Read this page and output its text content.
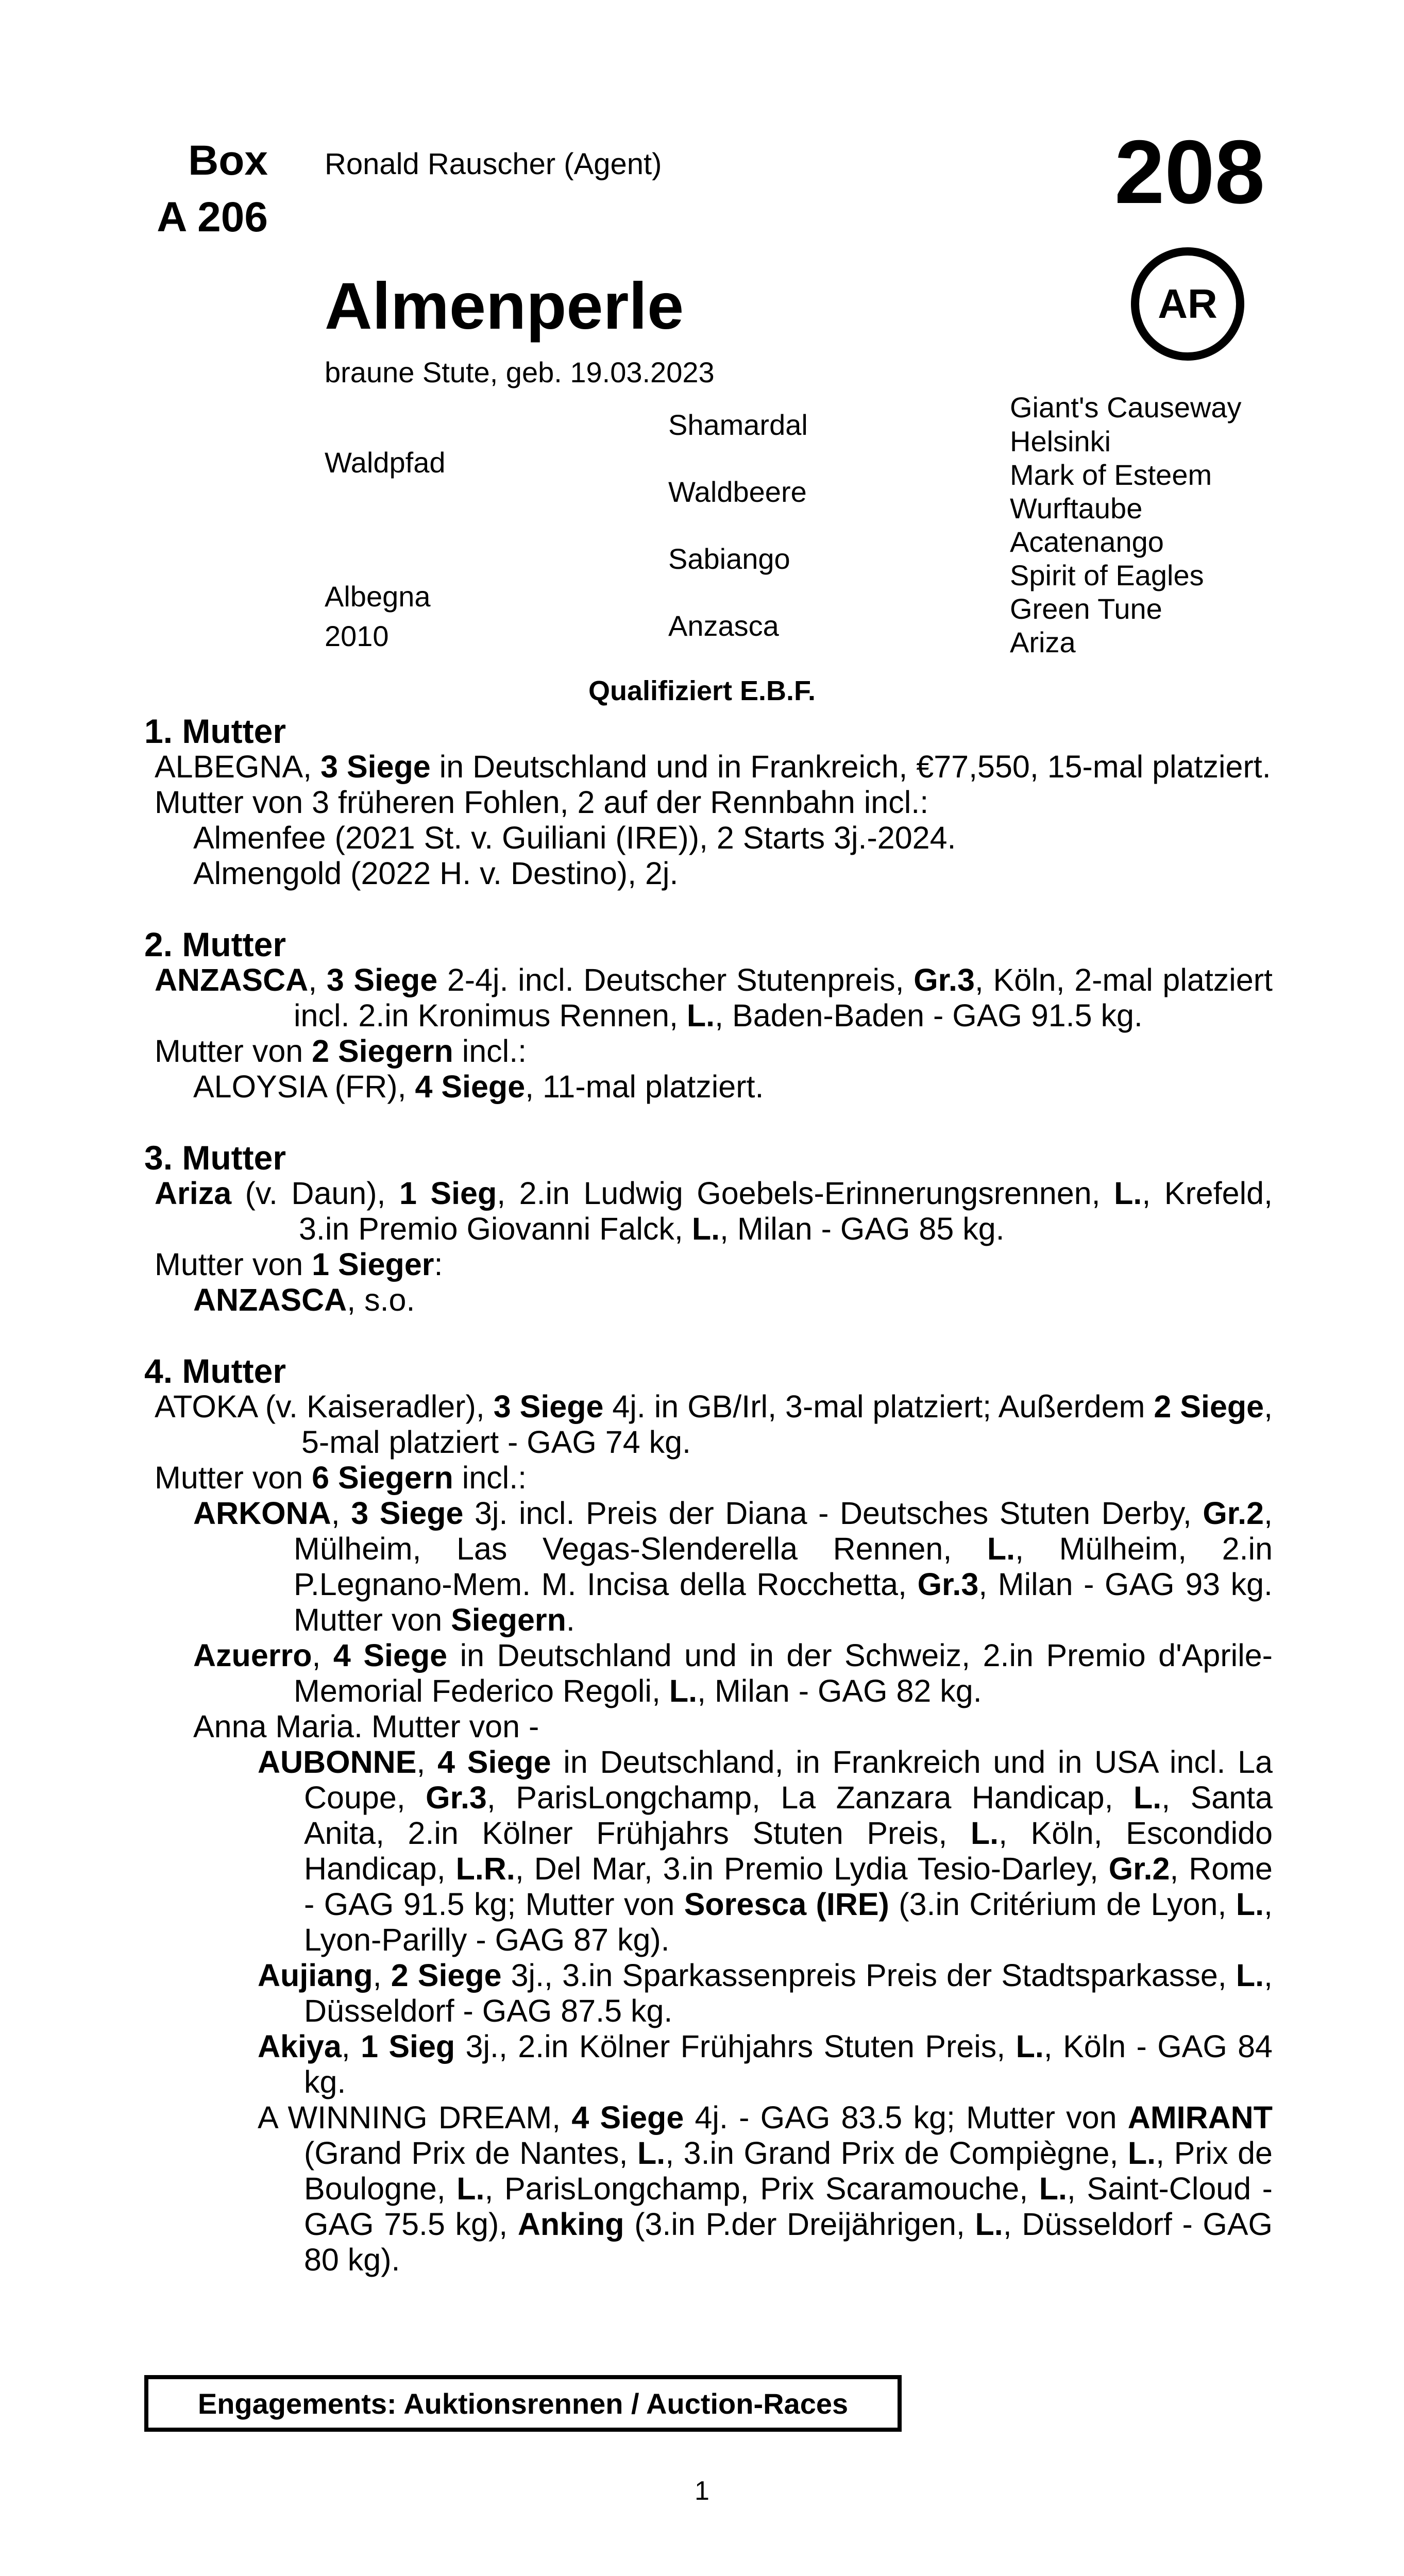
Box
A 206
Ronald Rauscher (Agent)	208
AR
Almenperle
braune Stute, geb. 19.03.2023
Waldpfad
Albegna
2010
Shamardal
Waldbeere
Sabiango
Anzasca
Giant's Causeway
Helsinki
Mark of Esteem
Wurftaube
Acatenango
Spirit of Eagles
Green Tune
Ariza
Qualifiziert E.B.F.
1. Mutter
ALBEGNA, 3 Siege in Deutschland und in Frankreich, €77,550, 15-mal platziert.
Mutter von 3 früheren Fohlen, 2 auf der Rennbahn incl.:
Almenfee (2021 St. v. Guiliani (IRE)), 2 Starts 3j.-2024.
Almengold (2022 H. v. Destino), 2j.
2. Mutter
ANZASCA, 3 Siege 2-4j. incl. Deutscher Stutenpreis, Gr.3, Köln, 2-mal platziert incl. 2.in Kronimus Rennen, L., Baden-Baden - GAG 91.5 kg.
Mutter von 2 Siegern incl.:
ALOYSIA (FR), 4 Siege, 11-mal platziert.
3. Mutter
Ariza (v. Daun), 1 Sieg, 2.in Ludwig Goebels-Erinnerungsrennen, L., Krefeld, 3.in Premio Giovanni Falck, L., Milan - GAG 85 kg.
Mutter von 1 Sieger:
ANZASCA, s.o.
4. Mutter
ATOKA (v. Kaiseradler), 3 Siege 4j. in GB/Irl, 3-mal platziert; Außerdem 2 Siege, 5-mal platziert - GAG 74 kg.
Mutter von 6 Siegern incl.:
ARKONA, 3 Siege 3j. incl. Preis der Diana - Deutsches Stuten Derby, Gr.2, Mülheim, Las Vegas-Slenderella Rennen, L., Mülheim, 2.in P.Legnano-Mem. M. Incisa della Rocchetta, Gr.3, Milan - GAG 93 kg. Mutter von Siegern.
Azuerro, 4 Siege in Deutschland und in der Schweiz, 2.in Premio d'Aprile-Memorial Federico Regoli, L., Milan - GAG 82 kg.
Anna Maria. Mutter von -
AUBONNE, 4 Siege in Deutschland, in Frankreich und in USA incl. La Coupe, Gr.3, ParisLongchamp, La Zanzara Handicap, L., Santa Anita, 2.in Kölner Frühjahrs Stuten Preis, L., Köln, Escondido Handicap, L.R., Del Mar, 3.in Premio Lydia Tesio-Darley, Gr.2, Rome - GAG 91.5 kg; Mutter von Soresca (IRE) (3.in Critérium de Lyon, L., Lyon-Parilly - GAG 87 kg).
Aujiang, 2 Siege 3j., 3.in Sparkassenpreis Preis der Stadtsparkasse, L., Düsseldorf - GAG 87.5 kg.
Akiya, 1 Sieg 3j., 2.in Kölner Frühjahrs Stuten Preis, L., Köln - GAG 84 kg.
A WINNING DREAM, 4 Siege 4j. - GAG 83.5 kg; Mutter von AMIRANT (Grand Prix de Nantes, L., 3.in Grand Prix de Compiègne, L., Prix de Boulogne, L., ParisLongchamp, Prix Scaramouche, L., Saint-Cloud - GAG 75.5 kg), Anking (3.in P.der Dreijährigen, L., Düsseldorf - GAG 80 kg).
Engagements: Auktionsrennen / Auction-Races
1
